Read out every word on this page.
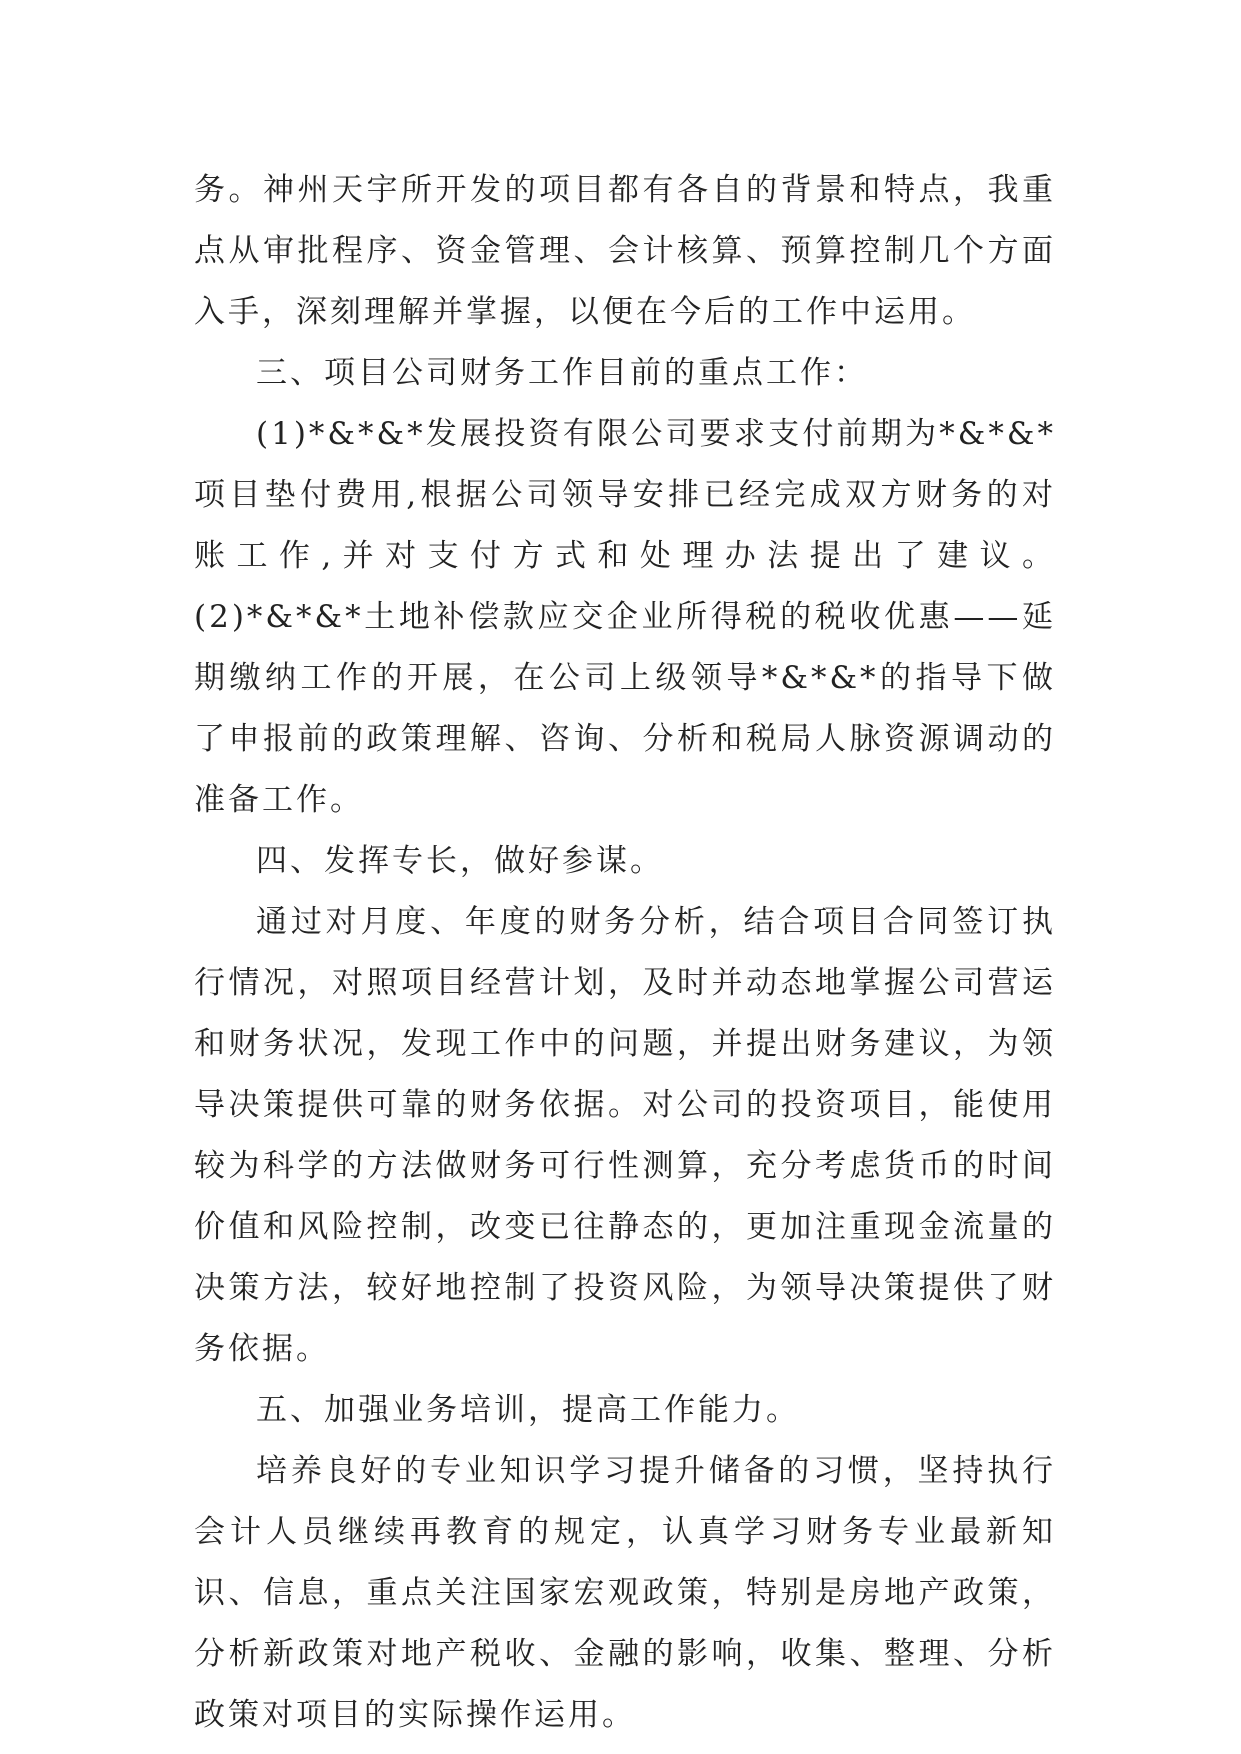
务。神州天宇所开发的项目都有各自的背景和特点，我重点从审批程序、资金管理、会计核算、预算控制几个方面入手，深刻理解并掌握，以便在今后的工作中运用。

三、项目公司财务工作目前的重点工作：

(1)*&*&*发展投资有限公司要求支付前期为*&*&*项目垫付费用,根据公司领导安排已经完成双方财务的对账工作,并对支付方式和处理办法提出了建议。(2)*&*&*土地补偿款应交企业所得税的税收优惠——延期缴纳工作的开展，在公司上级领导*&*&*的指导下做了申报前的政策理解、咨询、分析和税局人脉资源调动的准备工作。

四、发挥专长，做好参谋。

通过对月度、年度的财务分析，结合项目合同签订执行情况，对照项目经营计划，及时并动态地掌握公司营运和财务状况，发现工作中的问题，并提出财务建议，为领导决策提供可靠的财务依据。对公司的投资项目，能使用较为科学的方法做财务可行性测算，充分考虑货币的时间价值和风险控制，改变已往静态的，更加注重现金流量的决策方法，较好地控制了投资风险，为领导决策提供了财务依据。

五、加强业务培训，提高工作能力。

培养良好的专业知识学习提升储备的习惯，坚持执行会计人员继续再教育的规定，认真学习财务专业最新知识、信息，重点关注国家宏观政策，特别是房地产政策，分析新政策对地产税收、金融的影响，收集、整理、分析政策对项目的实际操作运用。
